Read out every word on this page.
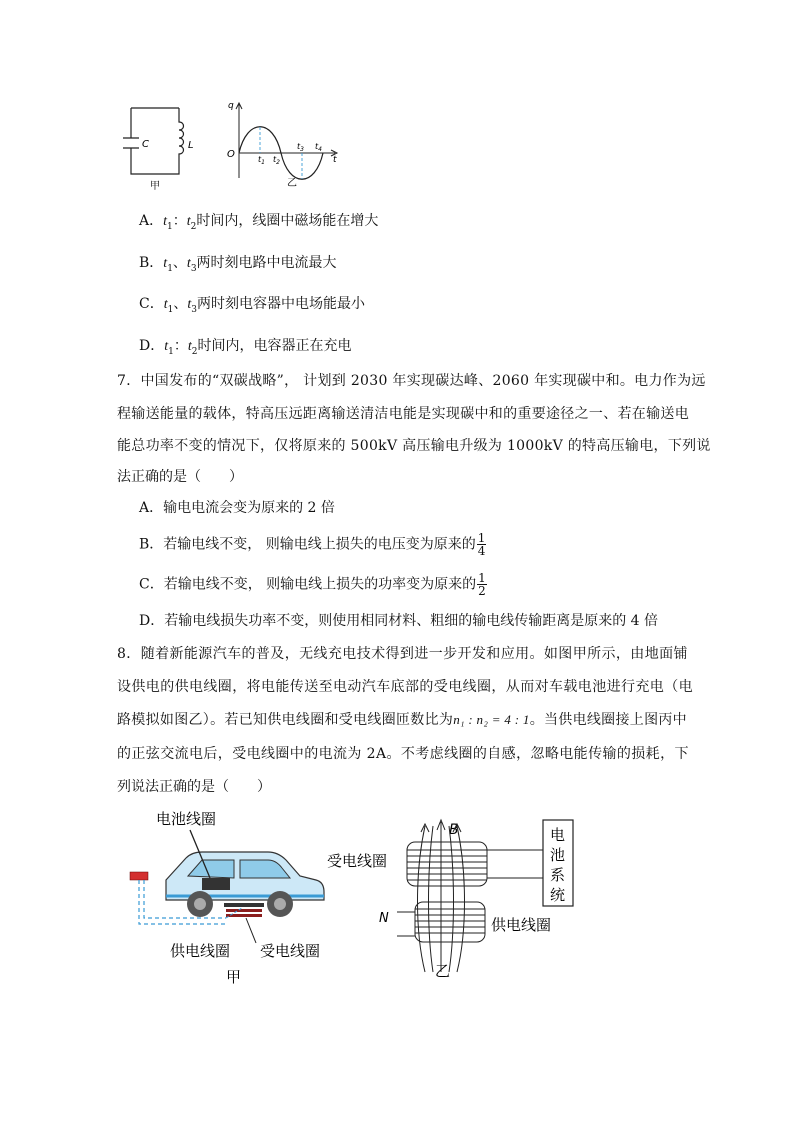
C	L
甲
q
O	t
$t_1$ $t_2$
$t_3$ $t_4$
乙
A．$t_1$：$t_2$时间内，线圈中磁场能在增大
B．$t_1$、$t_3$两时刻电路中电流最大
C．$t_1$、$t_3$两时刻电容器中电场能最小
D．$t_1$：$t_2$时间内，电容器正在充电
7．中国发布的“双碳战略”， 计划到 2030 年实现碳达峰、2060 年实现碳中和。电力作为远
程输送能量的载体，特高压远距离输送清洁电能是实现碳中和的重要途径之一、若在输送电
能总功率不变的情况下，仅将原来的 500kV 高压输电升级为 1000kV 的特高压输电，下列说
法正确的是（　　）
A．输电电流会变为原来的 2 倍
B．若输电线不变， 则输电线上损失的电压变为原来的 $\frac{1}{4}$
C．若输电线不变， 则输电线上损失的功率变为原来的 $\frac{1}{2}$
D．若输电线损失功率不变，则使用相同材料、粗细的输电线传输距离是原来的 4 倍
8．随着新能源汽车的普及，无线充电技术得到进一步开发和应用。如图甲所示，由地面铺
设供电的供电线圈，将电能传送至电动汽车底部的受电线圈，从而对车载电池进行充电（电
路模拟如图乙）。若已知供电线圈和受电线圈匝数比为n₁ : n₂ = 4 : 1。当供电线圈接上图丙中
的正弦交流电后，受电线圈中的电流为 2A。不考虑线圈的自感，忽略电能传输的损耗，下
列说法正确的是（　　）
电池线圈
供电线圈 受电线圈
甲
受电线圈
B
N
电
池
系
统
供电线圈
乙
